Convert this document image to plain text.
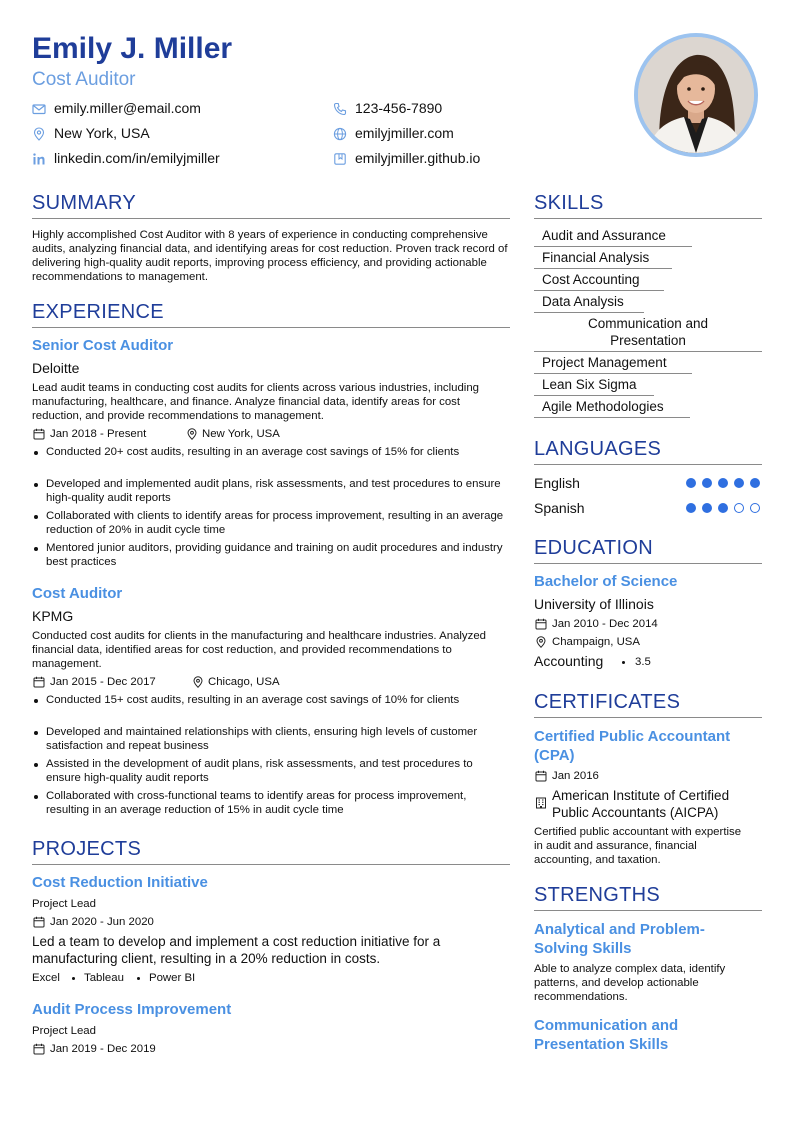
Emily J. Miller
Cost Auditor
emily.miller@email.com	123-456-7890
New York, USA	emilyjmiller.com
linkedin.com/in/emilyjmiller	emilyjmiller.github.io
SUMMARY
Highly accomplished Cost Auditor with 8 years of experience in conducting comprehensive audits, analyzing financial data, and identifying areas for cost reduction. Proven track record of delivering high-quality audit reports, improving process efficiency, and providing actionable recommendations to management.
EXPERIENCE
Senior Cost Auditor
Deloitte
Lead audit teams in conducting cost audits for clients across various industries, including manufacturing, healthcare, and finance. Analyze financial data, identify areas for cost reduction, and provide recommendations to management.
Jan 2018 - Present	New York, USA
Conducted 20+ cost audits, resulting in an average cost savings of 15% for clients
Developed and implemented audit plans, risk assessments, and test procedures to ensure high-quality audit reports
Collaborated with clients to identify areas for process improvement, resulting in an average reduction of 20% in audit cycle time
Mentored junior auditors, providing guidance and training on audit procedures and industry best practices
Cost Auditor
KPMG
Conducted cost audits for clients in the manufacturing and healthcare industries. Analyzed financial data, identified areas for cost reduction, and provided recommendations to management.
Jan 2015 - Dec 2017	Chicago, USA
Conducted 15+ cost audits, resulting in an average cost savings of 10% for clients
Developed and maintained relationships with clients, ensuring high levels of customer satisfaction and repeat business
Assisted in the development of audit plans, risk assessments, and test procedures to ensure high-quality audit reports
Collaborated with cross-functional teams to identify areas for process improvement, resulting in an average reduction of 15% in audit cycle time
PROJECTS
Cost Reduction Initiative
Project Lead
Jan 2020 - Jun 2020
Led a team to develop and implement a cost reduction initiative for a manufacturing client, resulting in a 20% reduction in costs.
Excel Tableau Power BI
Audit Process Improvement
Project Lead
Jan 2019 - Dec 2019
SKILLS
Audit and Assurance
Financial Analysis
Cost Accounting
Data Analysis
Communication and Presentation
Project Management
Lean Six Sigma
Agile Methodologies
LANGUAGES
English
Spanish
EDUCATION
Bachelor of Science
University of Illinois
Jan 2010 - Dec 2014
Champaign, USA
Accounting	3.5
CERTIFICATES
Certified Public Accountant (CPA)
Jan 2016
American Institute of Certified Public Accountants (AICPA)
Certified public accountant with expertise in audit and assurance, financial accounting, and taxation.
STRENGTHS
Analytical and Problem-Solving Skills
Able to analyze complex data, identify patterns, and develop actionable recommendations.
Communication and Presentation Skills
